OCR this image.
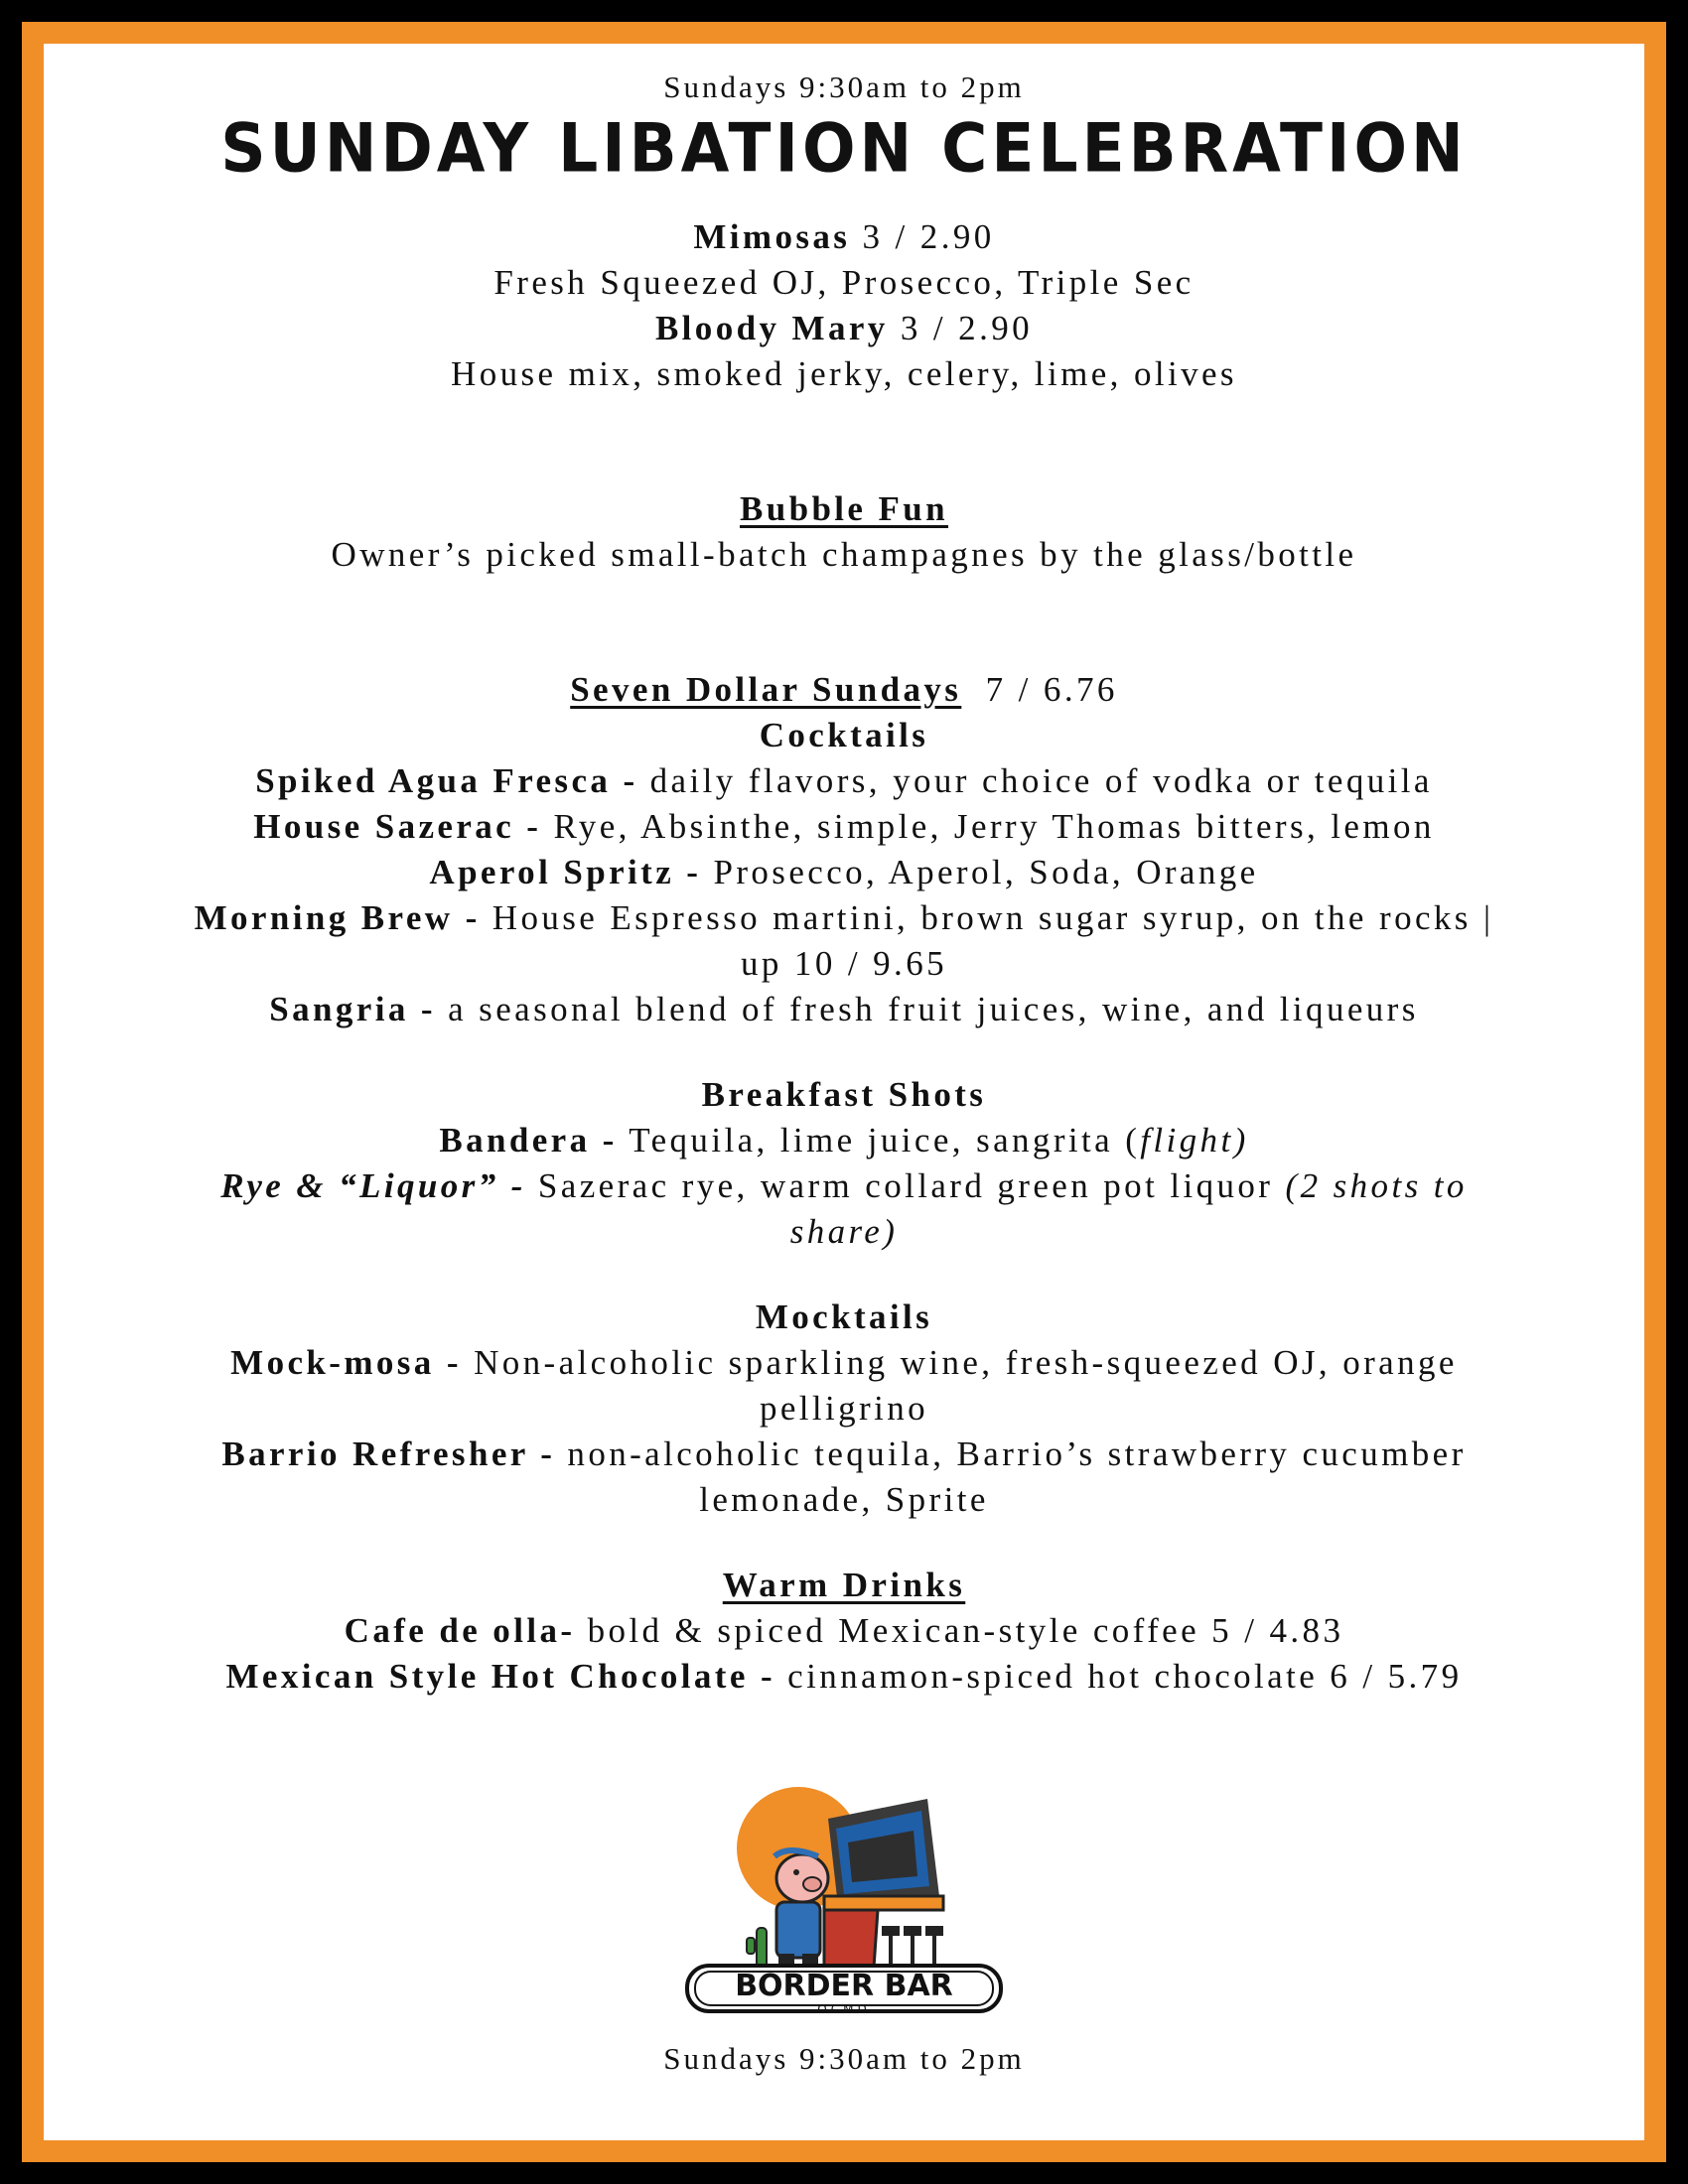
Sundays 9:30am to 2pm
SUNDAY LIBATION CELEBRATION
Mimosas 3 / 2.90
Fresh Squeezed OJ, Prosecco, Triple Sec
Bloody Mary 3 / 2.90
House mix, smoked jerky, celery, lime, olives
Bubble Fun
Owner’s picked small-batch champagnes by the glass/bottle
Seven Dollar Sundays 7 / 6.76
Cocktails
Spiked Agua Fresca - daily flavors, your choice of vodka or tequila
House Sazerac - Rye, Absinthe, simple, Jerry Thomas bitters, lemon
Aperol Spritz - Prosecco, Aperol, Soda, Orange
Morning Brew - House Espresso martini, brown sugar syrup, on the rocks | up 10 / 9.65
Sangria - a seasonal blend of fresh fruit juices, wine, and liqueurs
Breakfast Shots
Bandera - Tequila, lime juice, sangrita (flight)
Rye & “Liquor” - Sazerac rye, warm collard green pot liquor (2 shots to share)
Mocktails
Mock-mosa - Non-alcoholic sparkling wine, fresh-squeezed OJ, orange pelligrino
Barrio Refresher - non-alcoholic tequila, Barrio’s strawberry cucumber lemonade, Sprite
Warm Drinks
Cafe de olla- bold & spiced Mexican-style coffee 5 / 4.83
Mexican Style Hot Chocolate - cinnamon-spiced hot chocolate 6 / 5.79
BORDER BAR
OCMD
Sundays 9:30am to 2pm
